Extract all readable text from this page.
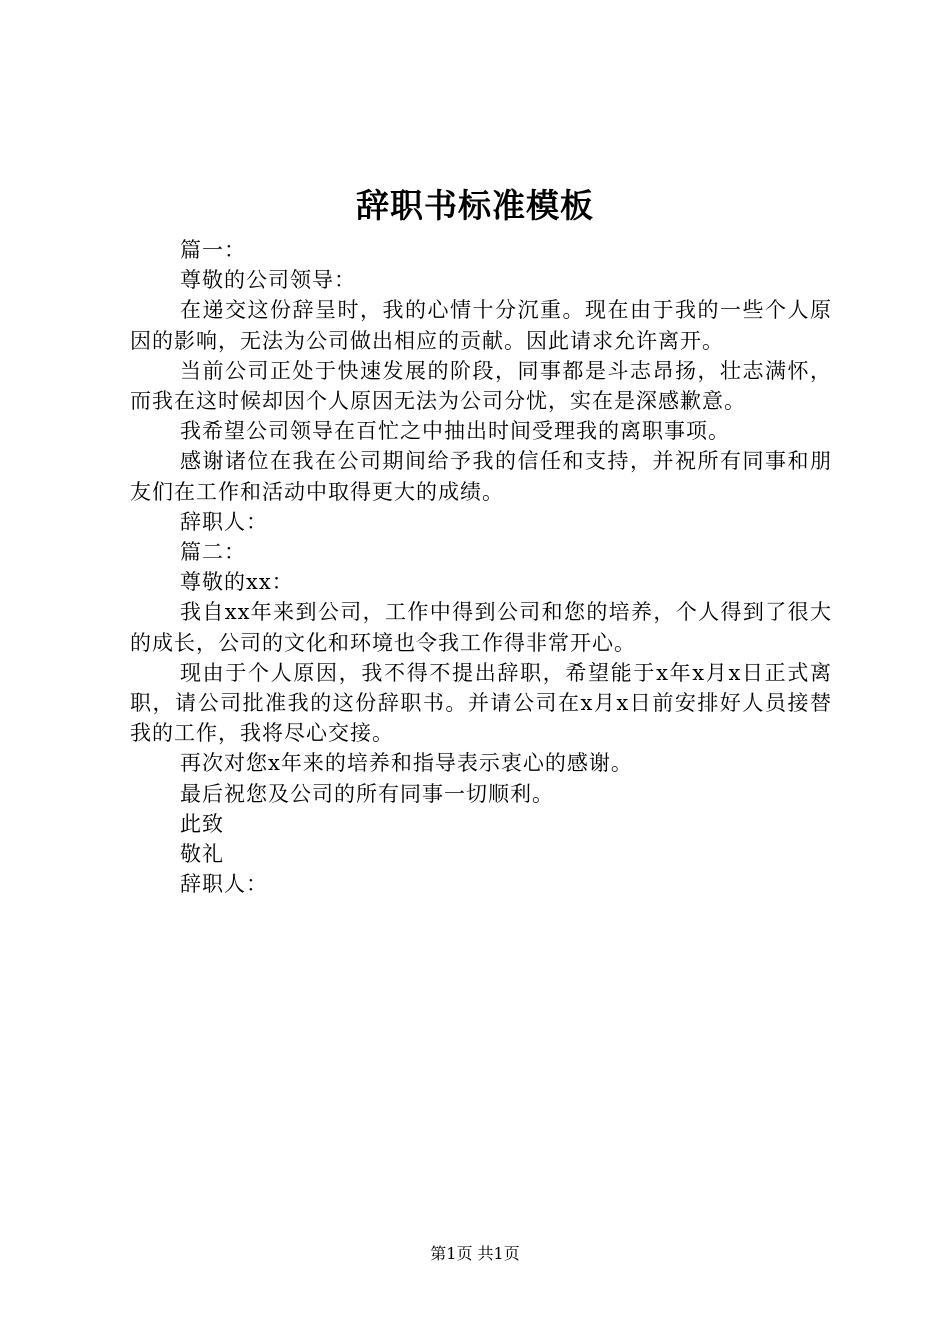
辞职书标准模板

篇一：

尊敬的公司领导：

在递交这份辞呈时，我的心情十分沉重。现在由于我的一些个人原因的影响，无法为公司做出相应的贡献。因此请求允许离开。

当前公司正处于快速发展的阶段，同事都是斗志昂扬，壮志满怀，而我在这时候却因个人原因无法为公司分忧，实在是深感歉意。

我希望公司领导在百忙之中抽出时间受理我的离职事项。

感谢诸位在我在公司期间给予我的信任和支持，并祝所有同事和朋友们在工作和活动中取得更大的成绩。

辞职人：

篇二：

尊敬的xx：

我自xx年来到公司，工作中得到公司和您的培养，个人得到了很大的成长，公司的文化和环境也令我工作得非常开心。

现由于个人原因，我不得不提出辞职，希望能于x年x月x日正式离职，请公司批准我的这份辞职书。并请公司在x月x日前安排好人员接替我的工作，我将尽心交接。

再次对您x年来的培养和指导表示衷心的感谢。

最后祝您及公司的所有同事一切顺利。

此致

敬礼

辞职人：

第1页 共1页
